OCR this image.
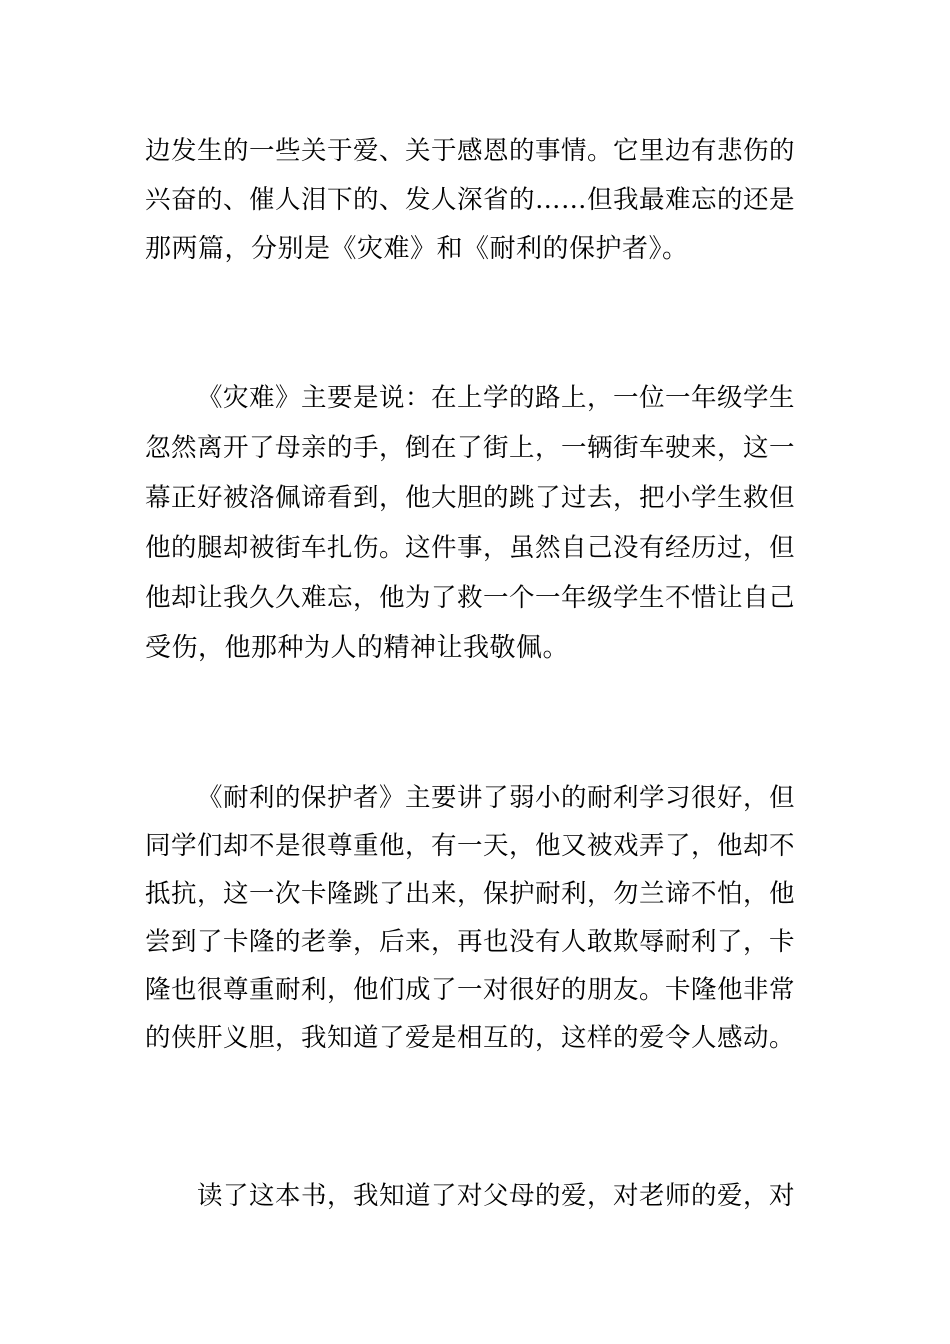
边发生的一些关于爱、关于感恩的事情。它里边有悲伤的
兴奋的、催人泪下的、发人深省的……但我最难忘的还是
那两篇，分别是《灾难》和《耐利的保护者》。
《灾难》主要是说：在上学的路上，一位一年级学生
忽然离开了母亲的手，倒在了街上，一辆街车驶来，这一
幕正好被洛佩谛看到，他大胆的跳了过去，把小学生救但
他的腿却被街车扎伤。这件事，虽然自己没有经历过，但
他却让我久久难忘，他为了救一个一年级学生不惜让自己
受伤，他那种为人的精神让我敬佩。
《耐利的保护者》主要讲了弱小的耐利学习很好，但
同学们却不是很尊重他，有一天，他又被戏弄了，他却不
抵抗，这一次卡隆跳了出来，保护耐利，勿兰谛不怕，他
尝到了卡隆的老拳，后来，再也没有人敢欺辱耐利了，卡
隆也很尊重耐利，他们成了一对很好的朋友。卡隆他非常
的侠肝义胆，我知道了爱是相互的，这样的爱令人感动。
读了这本书，我知道了对父母的爱，对老师的爱，对
